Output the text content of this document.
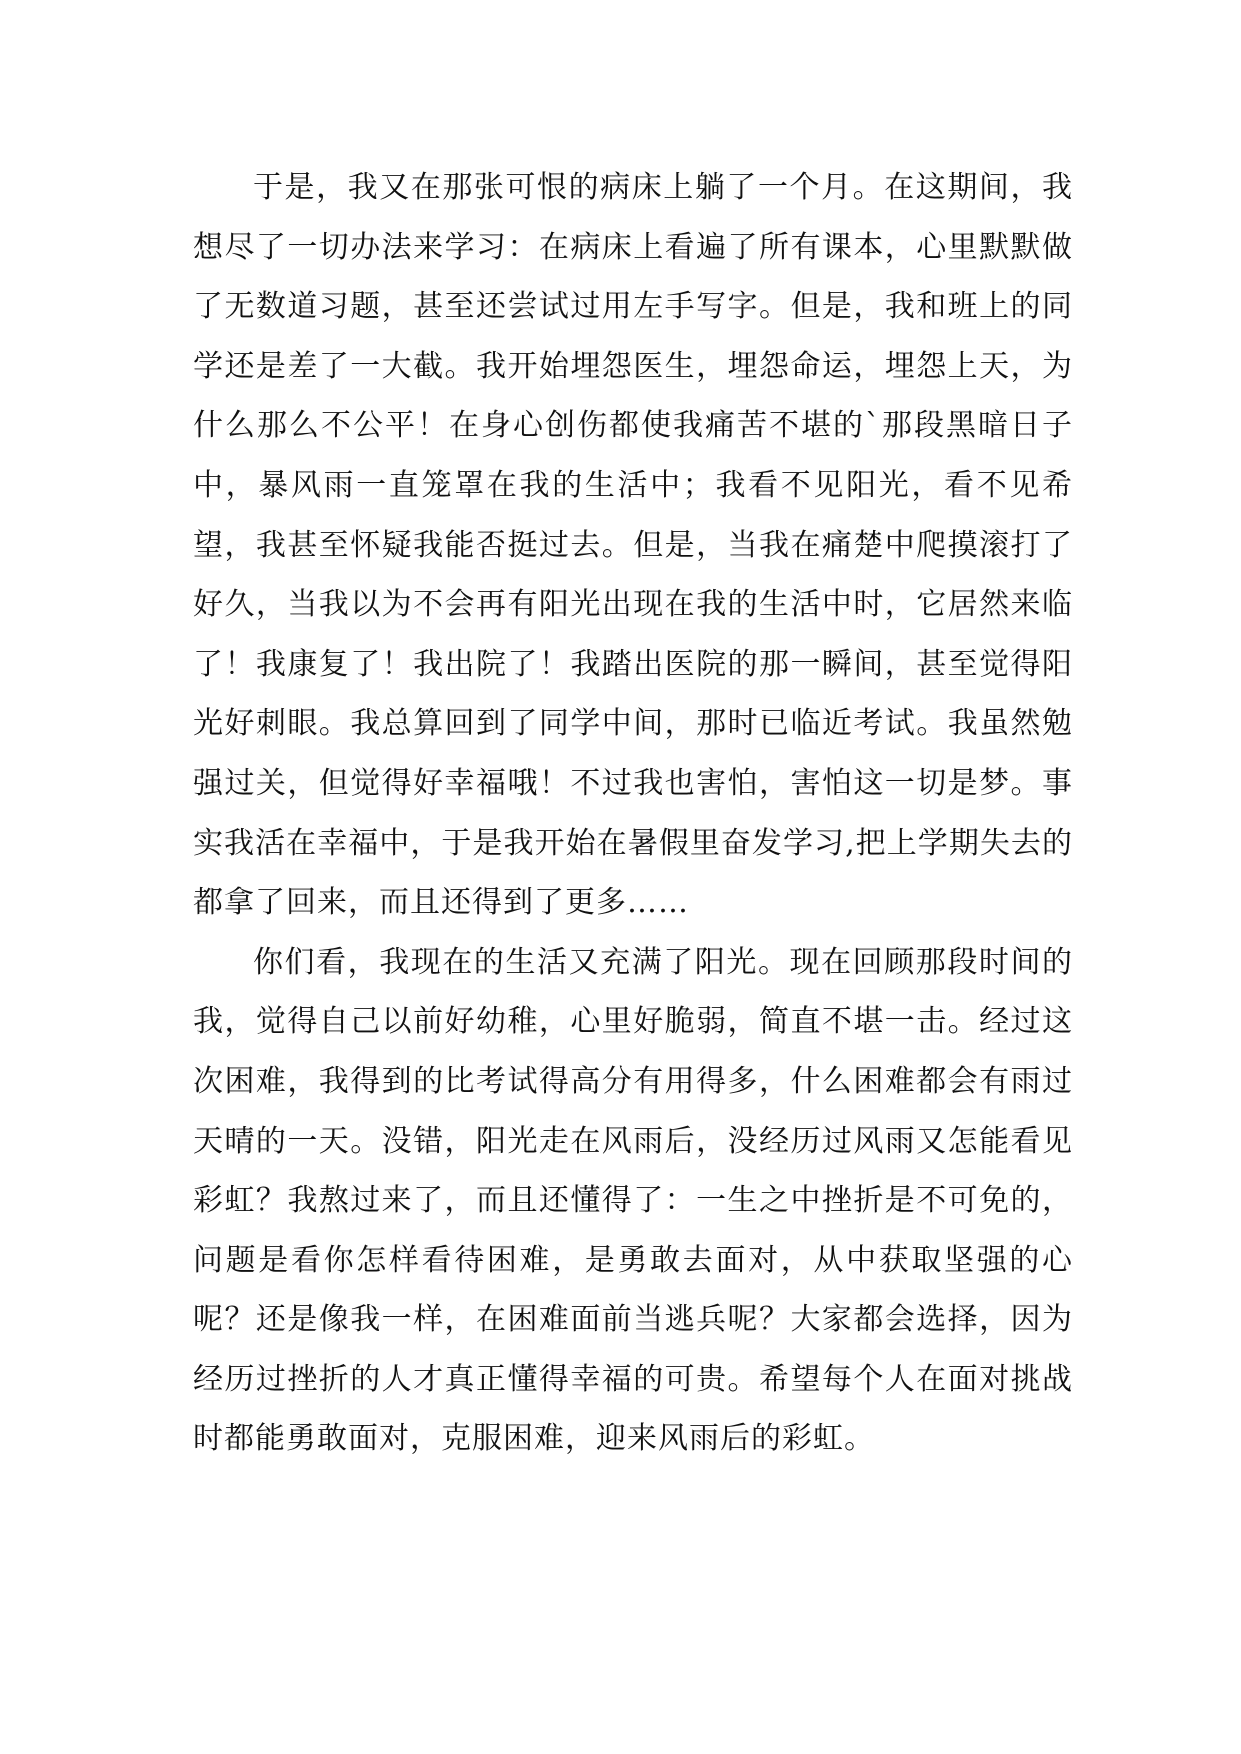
于是，我又在那张可恨的病床上躺了一个月。在这期间，我想尽了一切办法来学习：在病床上看遍了所有课本，心里默默做了无数道习题，甚至还尝试过用左手写字。但是，我和班上的同学还是差了一大截。我开始埋怨医生，埋怨命运，埋怨上天，为什么那么不公平！在身心创伤都使我痛苦不堪的`那段黑暗日子中，暴风雨一直笼罩在我的生活中；我看不见阳光，看不见希望，我甚至怀疑我能否挺过去。但是，当我在痛楚中爬摸滚打了好久，当我以为不会再有阳光出现在我的生活中时，它居然来临了！我康复了！我出院了！我踏出医院的那一瞬间，甚至觉得阳光好刺眼。我总算回到了同学中间，那时已临近考试。我虽然勉强过关，但觉得好幸福哦！不过我也害怕，害怕这一切是梦。事实我活在幸福中，于是我开始在暑假里奋发学习,把上学期失去的都拿了回来，而且还得到了更多……

你们看，我现在的生活又充满了阳光。现在回顾那段时间的我，觉得自己以前好幼稚，心里好脆弱，简直不堪一击。经过这次困难，我得到的比考试得高分有用得多，什么困难都会有雨过天晴的一天。没错，阳光走在风雨后，没经历过风雨又怎能看见彩虹？我熬过来了，而且还懂得了：一生之中挫折是不可免的，问题是看你怎样看待困难，是勇敢去面对，从中获取坚强的心呢？还是像我一样，在困难面前当逃兵呢？大家都会选择，因为经历过挫折的人才真正懂得幸福的可贵。希望每个人在面对挑战时都能勇敢面对，克服困难，迎来风雨后的彩虹。
